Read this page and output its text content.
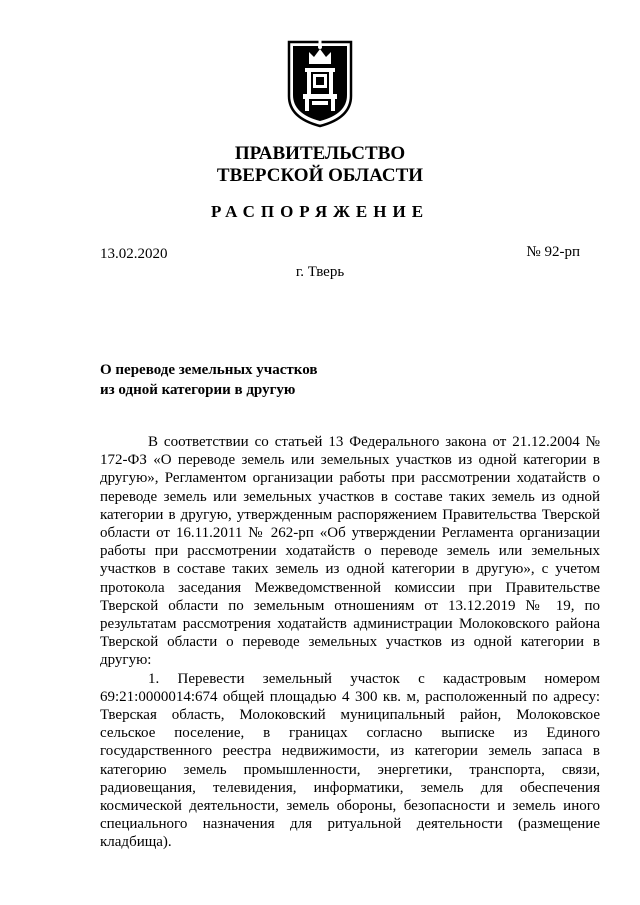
ПРАВИТЕЛЬСТВО
ТВЕРСКОЙ ОБЛАСТИ
РАСПОРЯЖЕНИЕ
13.02.2020	№ 92-рп
г. Тверь
О переводе земельных участков
из одной категории в другую

В соответствии со статьей 13 Федерального закона от 21.12.2004 № 172-ФЗ «О переводе земель или земельных участков из одной категории в другую», Регламентом организации работы при рассмотрении ходатайств о переводе земель или земельных участков в составе таких земель из одной категории в другую, утвержденным распоряжением Правительства Тверской области от 16.11.2011 № 262-рп «Об утверждении Регламента организации работы при рассмотрении ходатайств о переводе земель или земельных участков в составе таких земель из одной категории в другую», с учетом протокола заседания Межведомственной комиссии при Правительстве Тверской области по земельным отношениям от 13.12.2019 № 19, по результатам рассмотрения ходатайств администрации Молоковского района Тверской области о переводе земельных участков из одной категории в другую:

1. Перевести земельный участок с кадастровым номером 69:21:0000014:674 общей площадью 4 300 кв. м, расположенный по адресу: Тверская область, Молоковский муниципальный район, Молоковское сельское поселение, в границах согласно выписке из Единого государственного реестра недвижимости, из категории земель запаса в категорию земель промышленности, энергетики, транспорта, связи, радиовещания, телевидения, информатики, земель для обеспечения космической деятельности, земель обороны, безопасности и земель иного специального назначения для ритуальной деятельности (размещение кладбища).
